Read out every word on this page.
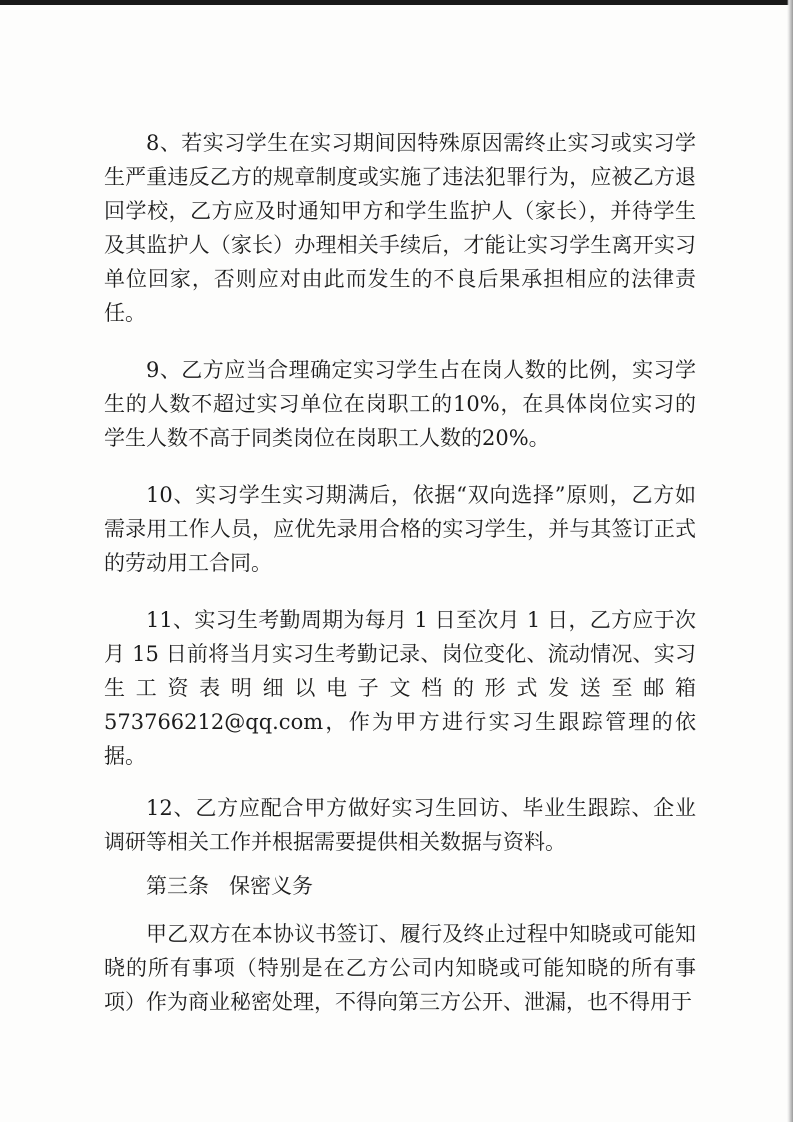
8、若实习学生在实习期间因特殊原因需终止实习或实习学生严重违反乙方的规章制度或实施了违法犯罪行为，应被乙方退回学校，乙方应及时通知甲方和学生监护人（家长），并待学生及其监护人（家长）办理相关手续后，才能让实习学生离开实习单位回家，否则应对由此而发生的不良后果承担相应的法律责任。

9、乙方应当合理确定实习学生占在岗人数的比例，实习学生的人数不超过实习单位在岗职工的10%，在具体岗位实习的学生人数不高于同类岗位在岗职工人数的20%。

10、实习学生实习期满后，依据“双向选择”原则，乙方如需录用工作人员，应优先录用合格的实习学生，并与其签订正式的劳动用工合同。

11、实习生考勤周期为每月 1 日至次月 1 日，乙方应于次月 15 日前将当月实习生考勤记录、岗位变化、流动情况、实习生工资表明细以电子文档的形式发送至邮箱573766212@qq.com，作为甲方进行实习生跟踪管理的依据。

12、乙方应配合甲方做好实习生回访、毕业生跟踪、企业调研等相关工作并根据需要提供相关数据与资料。

第三条   保密义务

甲乙双方在本协议书签订、履行及终止过程中知晓或可能知晓的所有事项（特别是在乙方公司内知晓或可能知晓的所有事项）作为商业秘密处理，不得向第三方公开、泄漏，也不得用于
